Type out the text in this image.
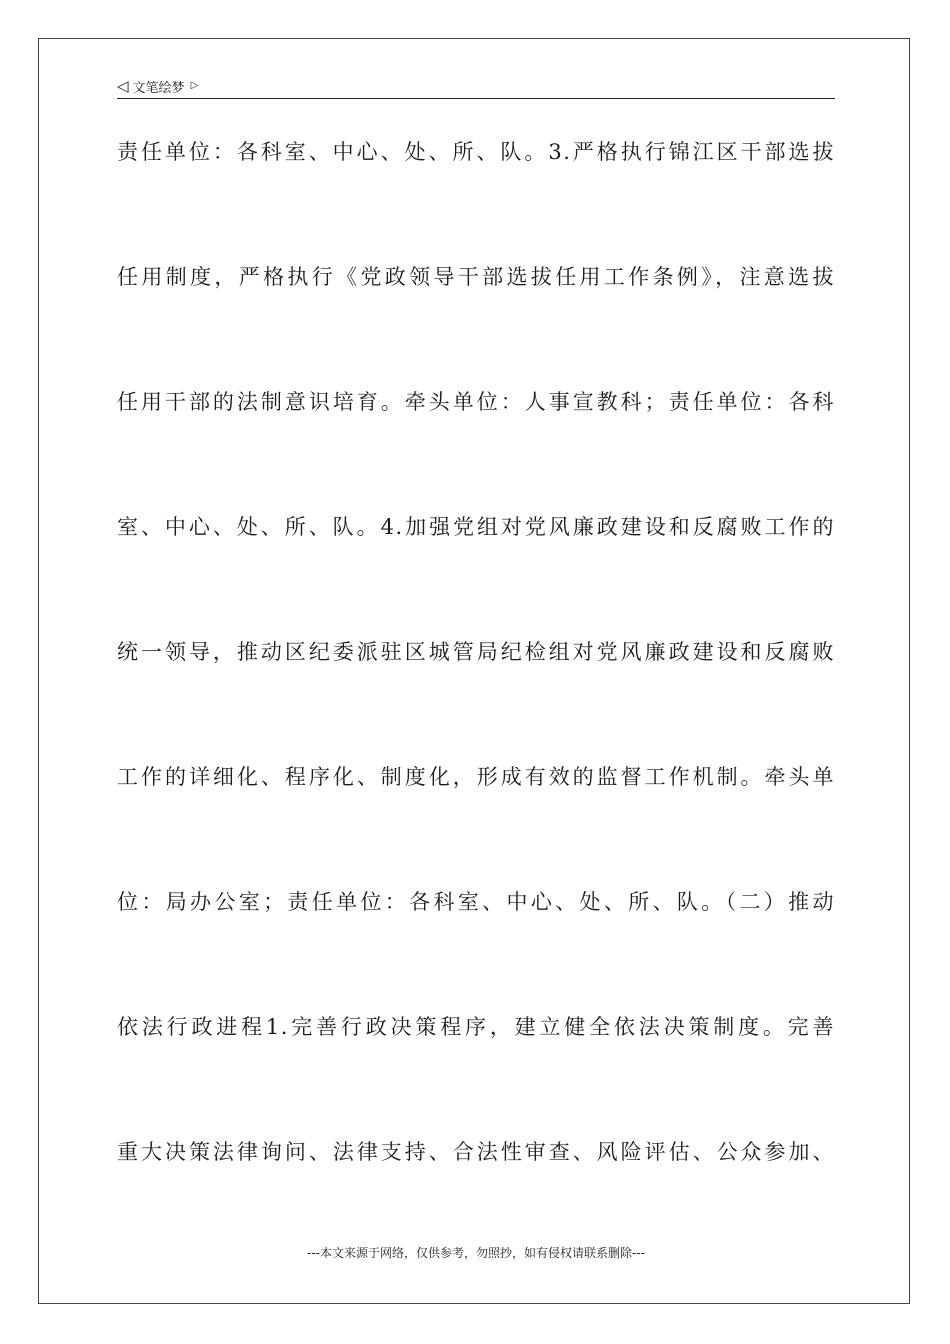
◁ 文笔绘梦 ▷
责任单位：各科室、中心、处、所、队。3.严格执行锦江区干部选拔
任用制度，严格执行《党政领导干部选拔任用工作条例》，注意选拔
任用干部的法制意识培育。牵头单位：人事宣教科；责任单位：各科
室、中心、处、所、队。4.加强党组对党风廉政建设和反腐败工作的
统一领导，推动区纪委派驻区城管局纪检组对党风廉政建设和反腐败
工作的详细化、程序化、制度化，形成有效的监督工作机制。牵头单
位：局办公室；责任单位：各科室、中心、处、所、队。（二）推动
依法行政进程1.完善行政决策程序，建立健全依法决策制度。完善
重大决策法律询问、法律支持、合法性审查、风险评估、公众参加、
---本文来源于网络，仅供参考，勿照抄，如有侵权请联系删除---
